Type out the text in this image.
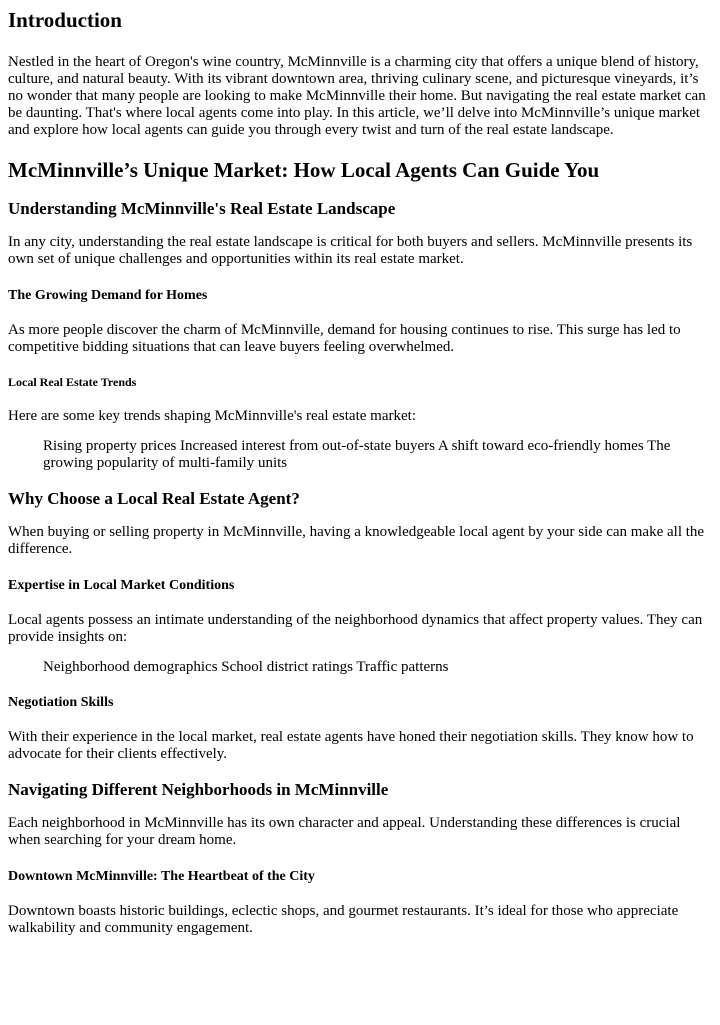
Introduction

Nestled in the heart of Oregon's wine country, McMinnville is a charming city that offers a unique blend of history, culture, and natural beauty. With its vibrant downtown area, thriving culinary scene, and picturesque vineyards, it’s no wonder that many people are looking to make McMinnville their home. But navigating the real estate market can be daunting. That's where local agents come into play. In this article, we’ll delve into McMinnville’s unique market and explore how local agents can guide you through every twist and turn of the real estate landscape.

McMinnville’s Unique Market: How Local Agents Can Guide You
Understanding McMinnville's Real Estate Landscape

In any city, understanding the real estate landscape is critical for both buyers and sellers. McMinnville presents its own set of unique challenges and opportunities within its real estate market.

The Growing Demand for Homes

As more people discover the charm of McMinnville, demand for housing continues to rise. This surge has led to competitive bidding situations that can leave buyers feeling overwhelmed.

Local Real Estate Trends

Here are some key trends shaping McMinnville's real estate market:

Rising property prices Increased interest from out-of-state buyers A shift toward eco-friendly homes The growing popularity of multi-family units

Why Choose a Local Real Estate Agent?

When buying or selling property in McMinnville, having a knowledgeable local agent by your side can make all the difference.

Expertise in Local Market Conditions

Local agents possess an intimate understanding of the neighborhood dynamics that affect property values. They can provide insights on:

Neighborhood demographics School district ratings Traffic patterns

Negotiation Skills

With their experience in the local market, real estate agents have honed their negotiation skills. They know how to advocate for their clients effectively.

Navigating Different Neighborhoods in McMinnville

Each neighborhood in McMinnville has its own character and appeal. Understanding these differences is crucial when searching for your dream home.

Downtown McMinnville: The Heartbeat of the City

Downtown boasts historic buildings, eclectic shops, and gourmet restaurants. It’s ideal for those who appreciate walkability and community engagement.
